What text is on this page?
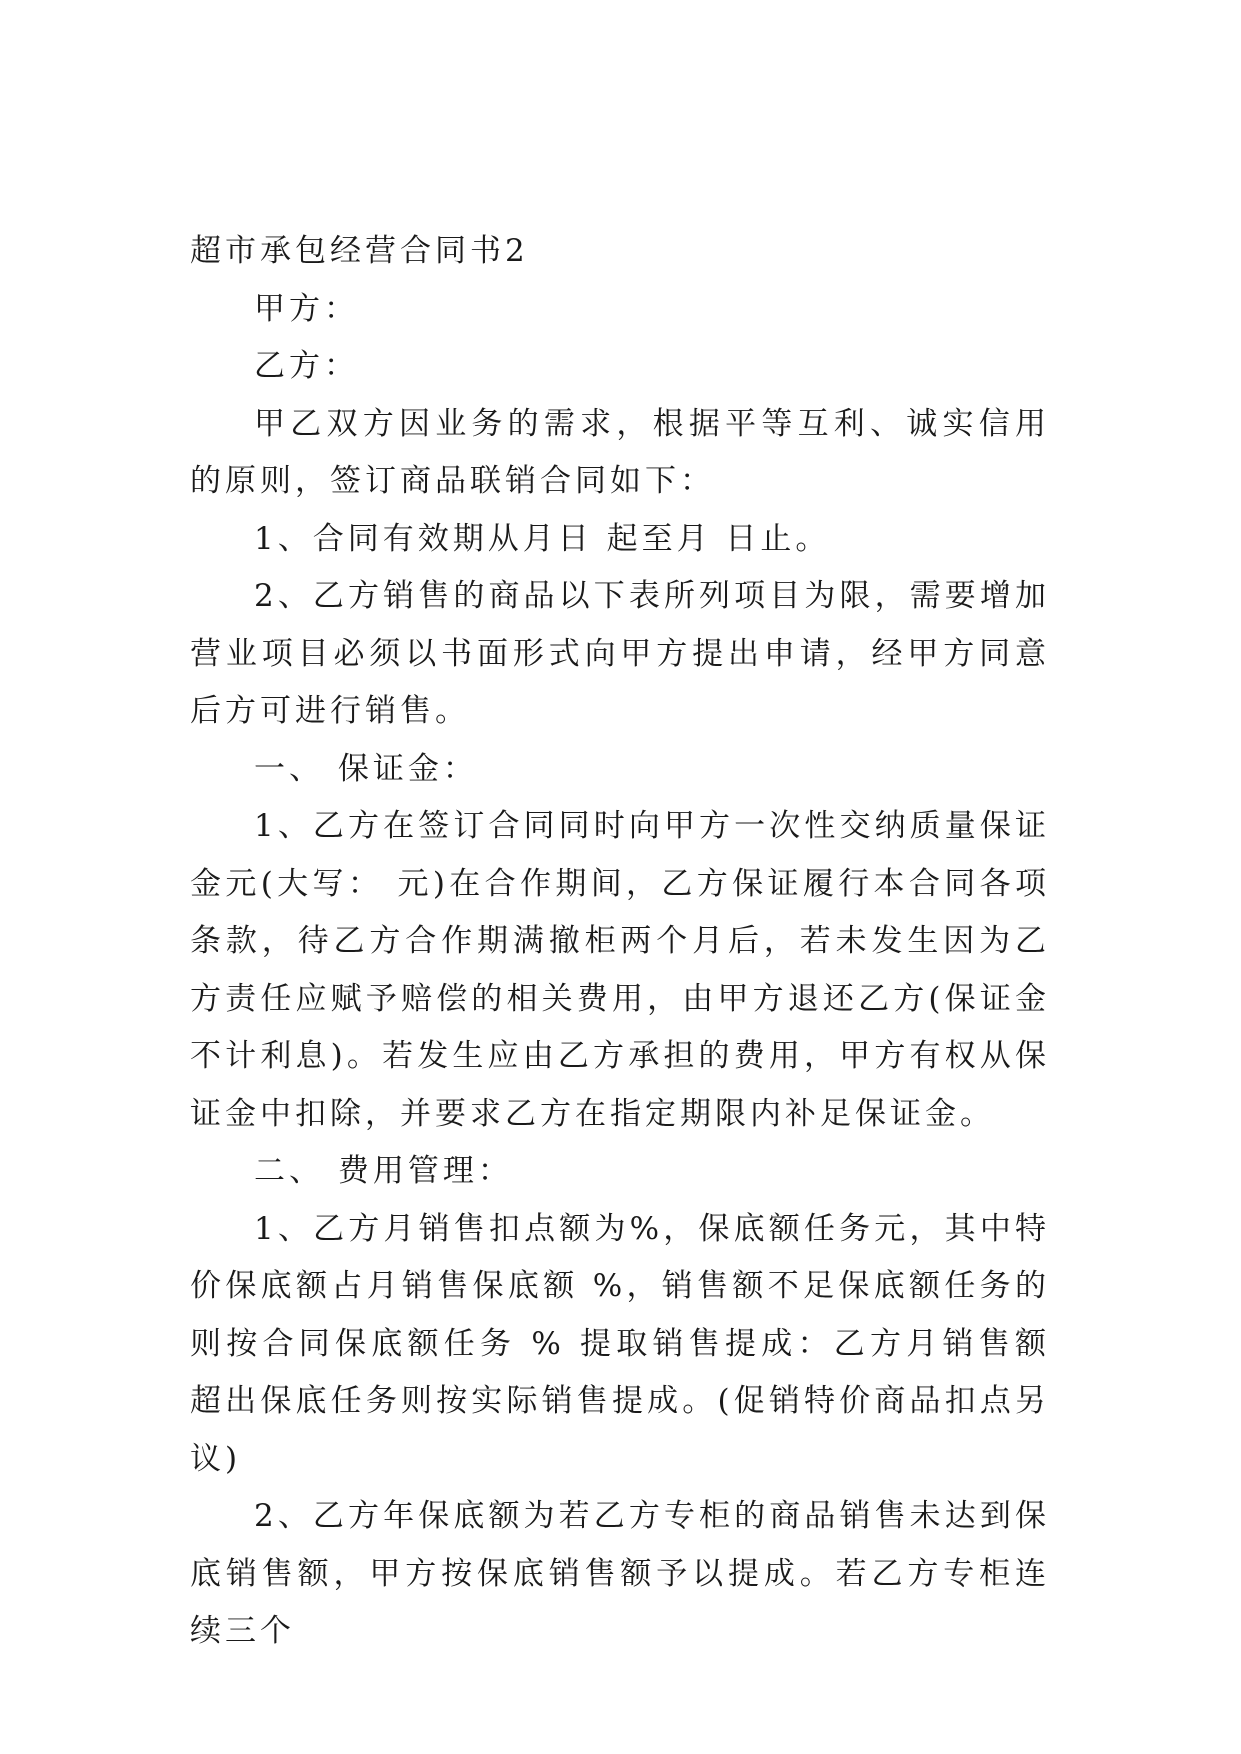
超市承包经营合同书2

甲方：

乙方：

甲乙双方因业务的需求，根据平等互利、诚实信用的原则，签订商品联销合同如下：

1、合同有效期从月日 起至月 日止。

2、乙方销售的商品以下表所列项目为限，需要增加营业项目必须以书面形式向甲方提出申请，经甲方同意后方可进行销售。

一、 保证金：

1、乙方在签订合同同时向甲方一次性交纳质量保证金元(大写： 元)在合作期间，乙方保证履行本合同各项条款，待乙方合作期满撤柜两个月后，若未发生因为乙方责任应赋予赔偿的相关费用，由甲方退还乙方(保证金不计利息)。若发生应由乙方承担的费用，甲方有权从保证金中扣除，并要求乙方在指定期限内补足保证金。

二、 费用管理：

1、乙方月销售扣点额为%，保底额任务元，其中特价保底额占月销售保底额 %，销售额不足保底额任务的则按合同保底额任务 % 提取销售提成：乙方月销售额超出保底任务则按实际销售提成。(促销特价商品扣点另议)

2、乙方年保底额为若乙方专柜的商品销售未达到保底销售额，甲方按保底销售额予以提成。若乙方专柜连续三个
